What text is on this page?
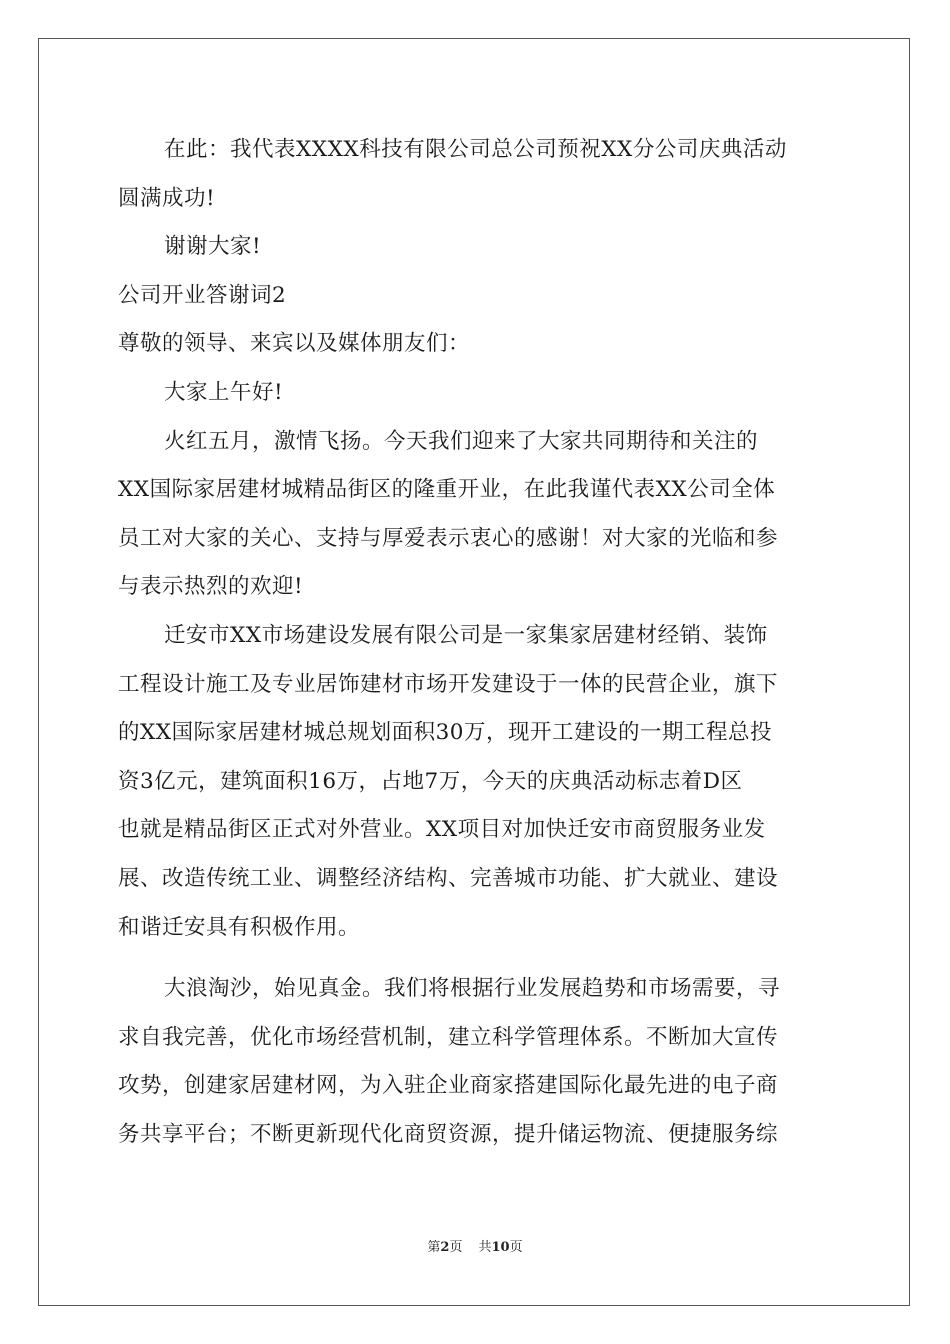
在此：我代表XXXX科技有限公司总公司预祝XX分公司庆典活动
圆满成功!
谢谢大家!
公司开业答谢词2
尊敬的领导、来宾以及媒体朋友们：
大家上午好!
火红五月，激情飞扬。今天我们迎来了大家共同期待和关注的
XX国际家居建材城精品街区的隆重开业，在此我谨代表XX公司全体
员工对大家的关心、支持与厚爱表示衷心的感谢！对大家的光临和参
与表示热烈的欢迎!
迁安市XX市场建设发展有限公司是一家集家居建材经销、装饰
工程设计施工及专业居饰建材市场开发建设于一体的民营企业，旗下
的XX国际家居建材城总规划面积30万，现开工建设的一期工程总投
资3亿元，建筑面积16万，占地7万，今天的庆典活动标志着D区
也就是精品街区正式对外营业。XX项目对加快迁安市商贸服务业发
展、改造传统工业、调整经济结构、完善城市功能、扩大就业、建设
和谐迁安具有积极作用。
大浪淘沙，始见真金。我们将根据行业发展趋势和市场需要，寻
求自我完善，优化市场经营机制，建立科学管理体系。不断加大宣传
攻势，创建家居建材网，为入驻企业商家搭建国际化最先进的电子商
务共享平台；不断更新现代化商贸资源，提升储运物流、便捷服务综
第2页 共10页
